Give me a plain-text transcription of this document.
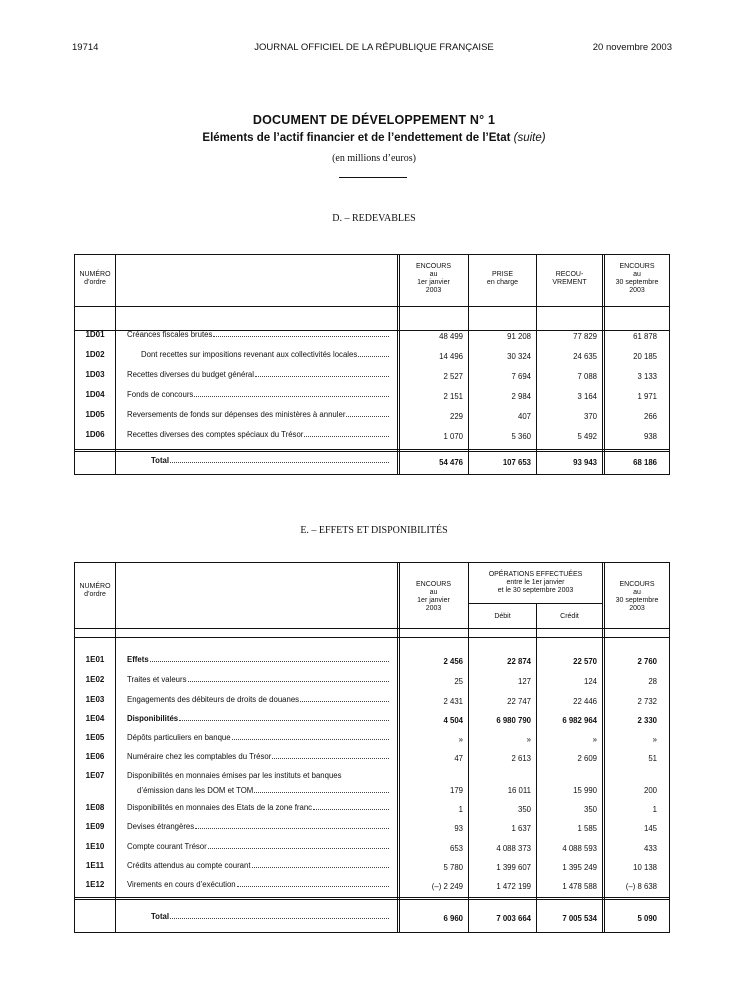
19714	JOURNAL OFFICIEL DE LA RÉPUBLIQUE FRANÇAISE	20 novembre 2003
DOCUMENT DE DÉVELOPPEMENT N° 1
Eléments de l’actif financier et de l’endettement de l’Etat (suite)
(en millions d’euros)
D. – REDEVABLES
NUMÉRO
d’ordre
ENCOURS
au
1er janvier
2003
PRISE
en charge
RECOU-
VREMENT
ENCOURS
au
30 septembre
2003
1D01	Créances fiscales brutes	48 499	91 208	77 829	61 878
1D02	Dont recettes sur impositions revenant aux collectivités locales	14 496	30 324	24 635	20 185
1D03	Recettes diverses du budget général	2 527	7 694	7 088	3 133
1D04	Fonds de concours	2 151	2 984	3 164	1 971
1D05	Reversements de fonds sur dépenses des ministères à annuler	229	407	370	266
1D06	Recettes diverses des comptes spéciaux du Trésor	1 070	5 360	5 492	938
Total	54 476	107 653	93 943	68 186
E. – EFFETS ET DISPONIBILITÉS
NUMÉRO
d’ordre
ENCOURS
au
1er janvier
2003
OPÉRATIONS EFFECTUÉES
entre le 1er janvier
et le 30 septembre 2003
Débit	Crédit
ENCOURS
au
30 septembre
2003
1E01	Effets	2 456	22 874	22 570	2 760
1E02	Traites et valeurs	25	127	124	28
1E03	Engagements des débiteurs de droits de douanes	2 431	22 747	22 446	2 732
1E04	Disponibilités	4 504	6 980 790	6 982 964	2 330
1E05	Dépôts particuliers en banque	»	»	»	»
1E06	Numéraire chez les comptables du Trésor	47	2 613	2 609	51
1E07	Disponibilités en monnaies émises par les instituts et banques
d’émission dans les DOM et TOM	179	16 011	15 990	200
1E08	Disponibilités en monnaies des Etats de la zone franc	1	350	350	1
1E09	Devises étrangères	93	1 637	1 585	145
1E10	Compte courant Trésor	653	4 088 373	4 088 593	433
1E11	Crédits attendus au compte courant	5 780	1 399 607	1 395 249	10 138
1E12	Virements en cours d’exécution	(–) 2 249	1 472 199	1 478 588	(–) 8 638
Total	6 960	7 003 664	7 005 534	5 090
